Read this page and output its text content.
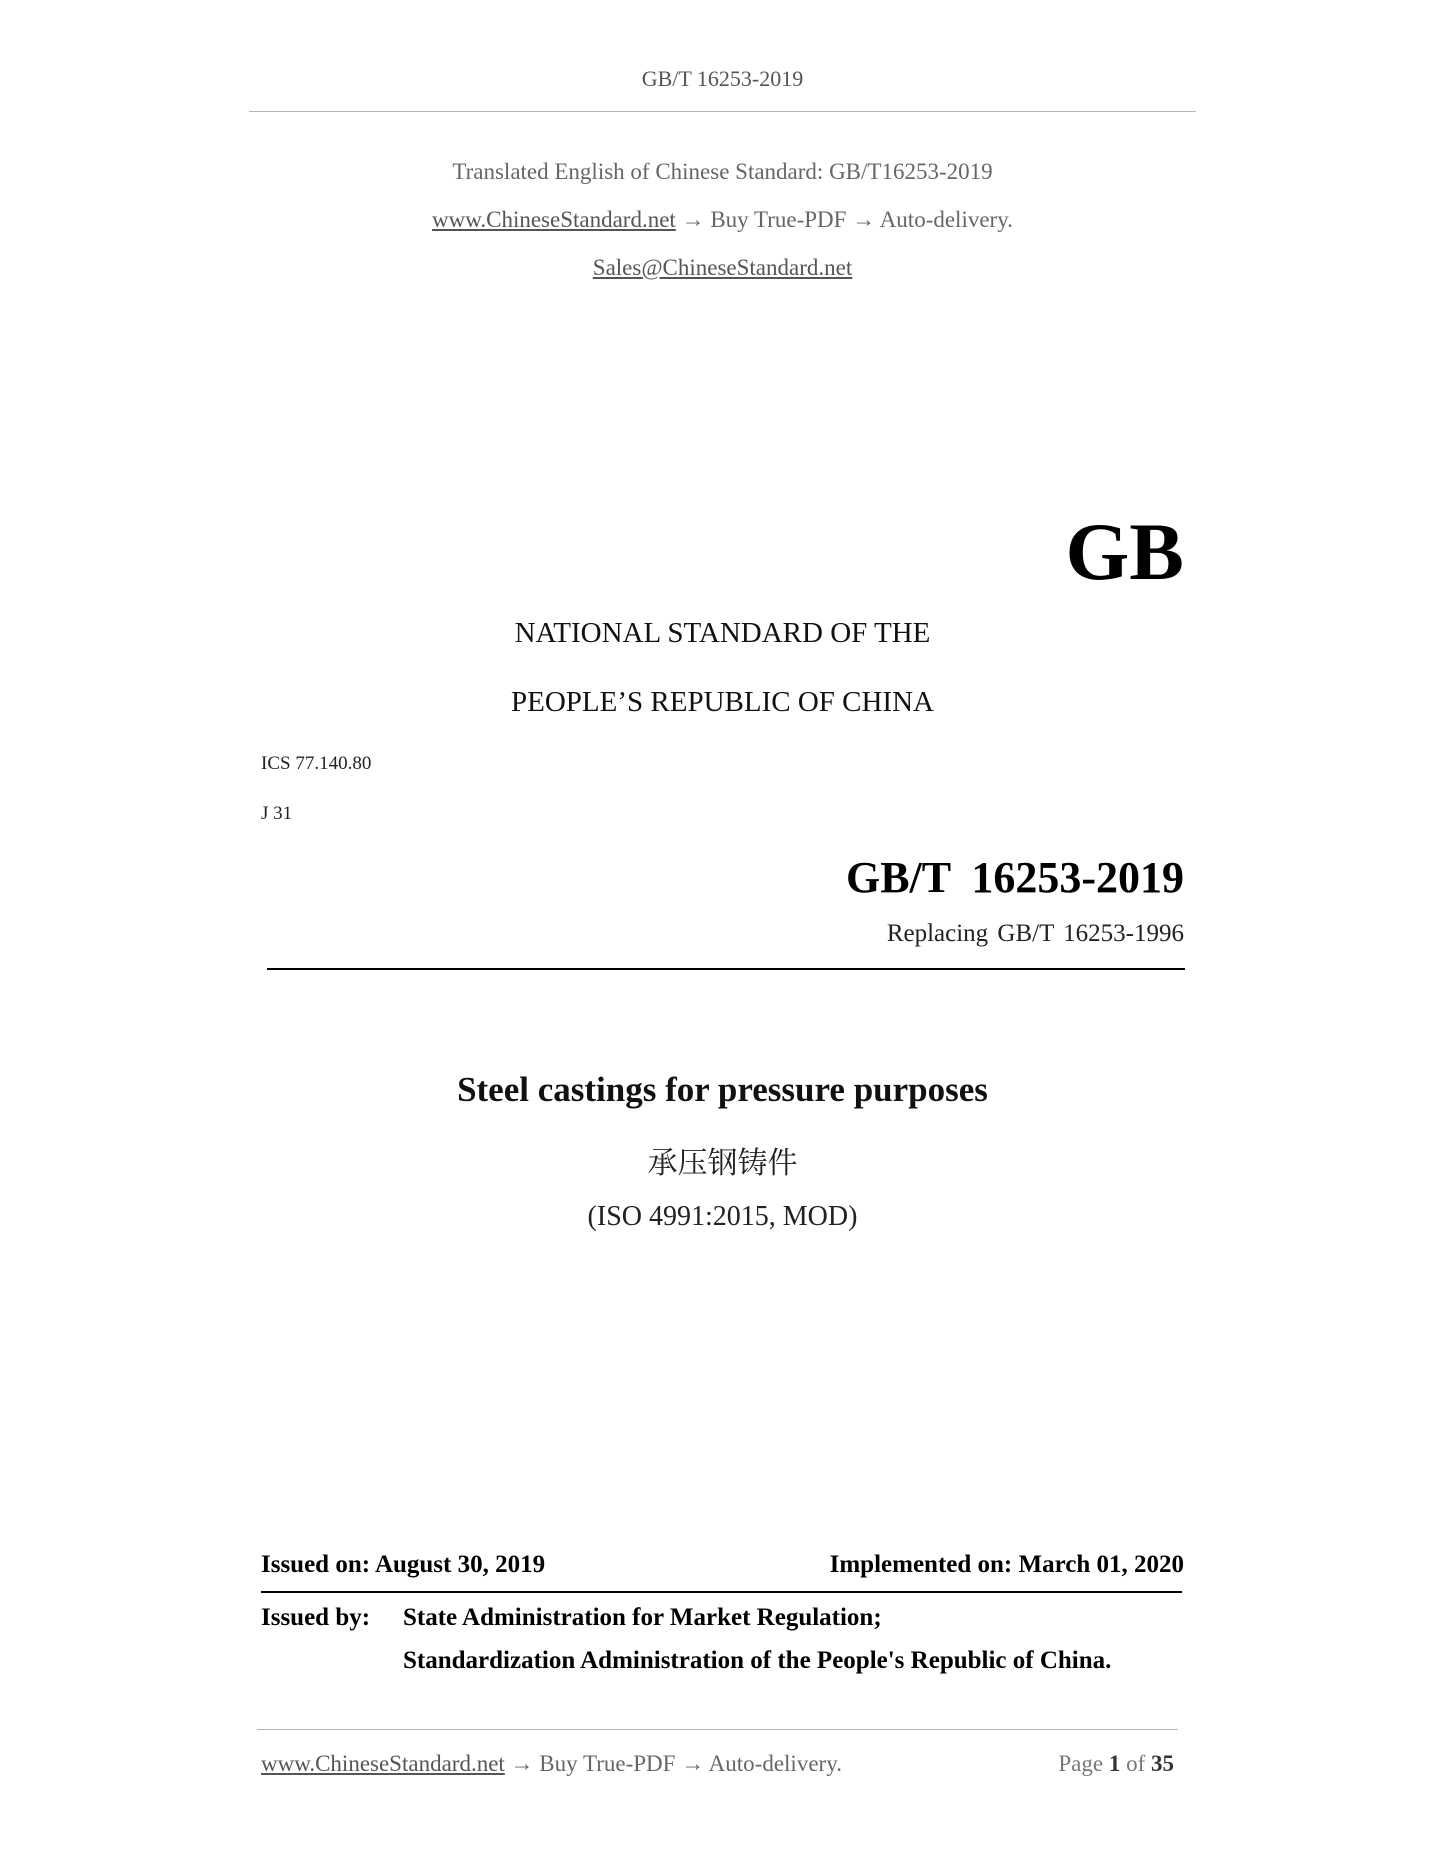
GB/T 16253-2019
Translated English of Chinese Standard: GB/T16253-2019
www.ChineseStandard.net → Buy True-PDF → Auto-delivery.
Sales@ChineseStandard.net
GB
NATIONAL STANDARD OF THE
PEOPLE’S REPUBLIC OF CHINA
ICS 77.140.80
J 31
GB/T 16253-2019
Replacing GB/T 16253-1996
Steel castings for pressure purposes
承压钢铸件
(ISO 4991:2015, MOD)
Issued on: August 30, 2019	Implemented on: March 01, 2020
Issued by: State Administration for Market Regulation;
Standardization Administration of the People's Republic of China.
www.ChineseStandard.net → Buy True-PDF → Auto-delivery.	Page 1 of 35
